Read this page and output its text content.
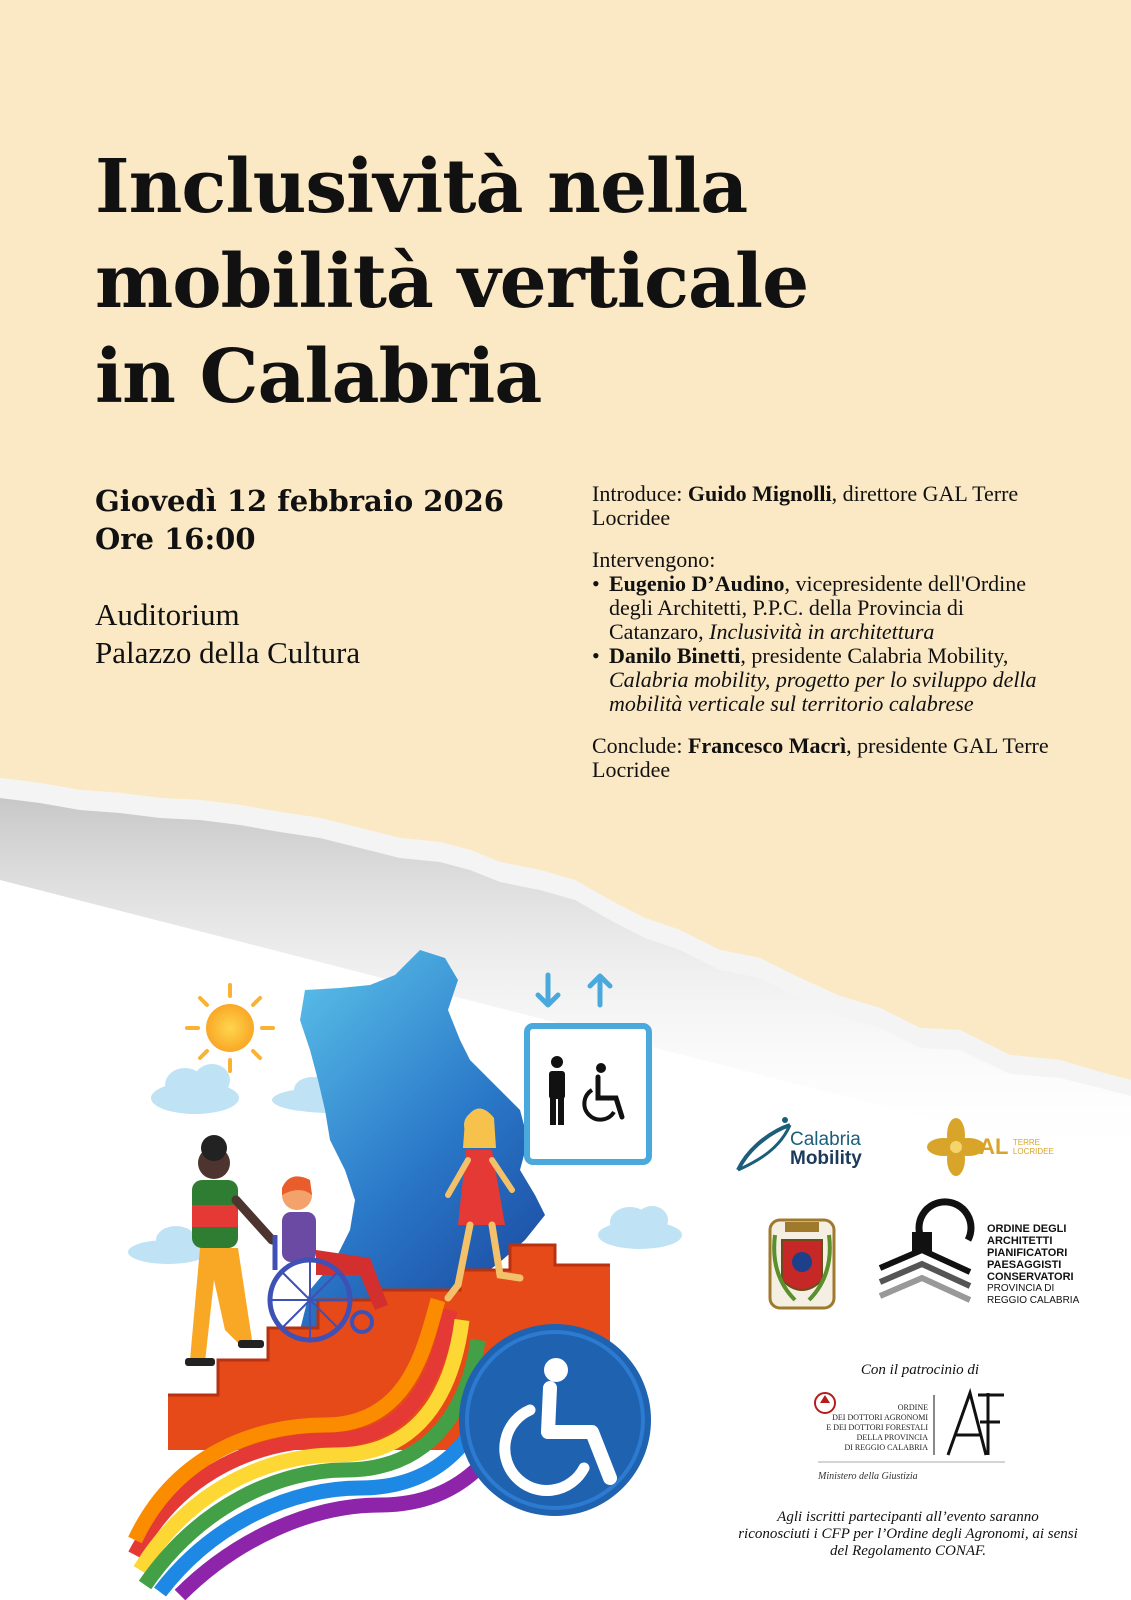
Inclusività nella
mobilità verticale
in Calabria
Giovedì 12 febbraio 2026
Ore 16:00
Auditorium
Palazzo della Cultura

Introduce: Guido Mignolli, direttore GAL Terre Locridee

Intervengono:

• Eugenio D’Audino, vicepresidente dell'Ordine degli Architetti, P.P.C. della Provincia di Catanzaro, Inclusività in architettura
• Danilo Binetti, presidente Calabria Mobility, Calabria mobility, progetto per lo sviluppo della mobilità verticale sul territorio calabrese

Conclude: Francesco Macrì, presidente GAL Terre Locridee

Calabria
Mobility	GAL TERRE
LOCRIDEE
ORDINE DEGLI
ARCHITETTI
PIANIFICATORI
PAESAGGISTI
CONSERVATORI
PROVINCIA DI
REGGIO CALABRIA
Con il patrocinio di
ORDINE
DEI DOTTORI AGRONOMI
E DEI DOTTORI FORESTALI
DELLA PROVINCIA
DI REGGIO CALABRIA
Ministero della Giustizia
Agli iscritti partecipanti all’evento saranno
riconosciuti i CFP per l’Ordine degli Agronomi, ai sensi
del Regolamento CONAF.
